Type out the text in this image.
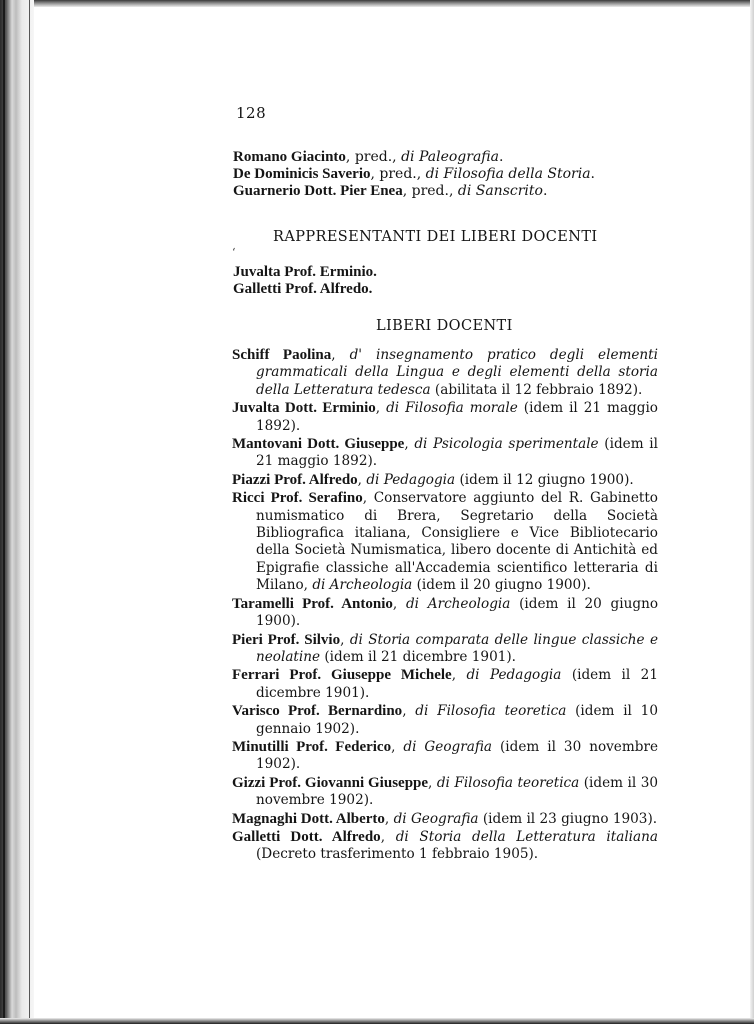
128
Romano Giacinto, pred., di Paleografia.
De Dominicis Saverio, pred., di Filosofia della Storia.
Guarnerio Dott. Pier Enea, pred., di Sanscrito.
RAPPRESENTANTI DEI LIBERI DOCENTI
‘
Juvalta Prof. Erminio.
Galletti Prof. Alfredo.
LIBERI DOCENTI
Schiff Paolina, d' insegnamento pratico degli elementi grammaticali della Lingua e degli elementi della storia della Letteratura tedesca (abilitata il 12 febbraio 1892).
Juvalta Dott. Erminio, di Filosofia morale (idem il 21 maggio 1892).
Mantovani Dott. Giuseppe, di Psicologia sperimentale (idem il 21 maggio 1892).
Piazzi Prof. Alfredo, di Pedagogia (idem il 12 giugno 1900).
Ricci Prof. Serafino, Conservatore aggiunto del R. Gabinetto numismatico di Brera, Segretario della Società Bibliografica italiana, Consigliere e Vice Bibliotecario della Società Numismatica, libero docente di Antichità ed Epigrafie classiche all'Accademia scientifico letteraria di Milano, di Archeologia (idem il 20 giugno 1900).
Taramelli Prof. Antonio, di Archeologia (idem il 20 giugno 1900).
Pieri Prof. Silvio, di Storia comparata delle lingue classiche e neolatine (idem il 21 dicembre 1901).
Ferrari Prof. Giuseppe Michele, di Pedagogia (idem il 21 dicembre 1901).
Varisco Prof. Bernardino, di Filosofia teoretica (idem il 10 gennaio 1902).
Minutilli Prof. Federico, di Geografia (idem il 30 novembre 1902).
Gizzi Prof. Giovanni Giuseppe, di Filosofia teoretica (idem il 30 novembre 1902).
Magnaghi Dott. Alberto, di Geografia (idem il 23 giugno 1903).
Galletti Dott. Alfredo, di Storia della Letteratura italiana (Decreto trasferimento 1 febbraio 1905).
